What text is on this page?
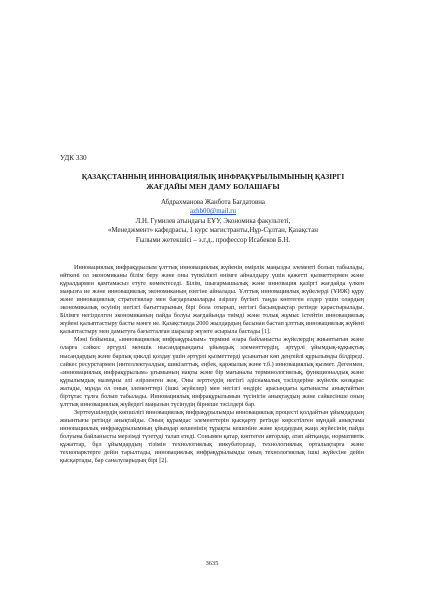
УДК 330
ҚАЗАҚСТАННЫҢ ИННОВАЦИЯЛЫҚ ИНФРАҚҰРЫЛЫМЫНЫҢ ҚАЗІРГІ
ЖАҒДАЙЫ МЕН ДАМУ БОЛАШАҒЫ
Абдрахманова Жанбота Бағдатовна
azhb00@mail.ru
Л.Н. Гумилев атындағы ЕҰУ, Экономика факультеті,
«Менеджмент» кафедрасы, 1 курс магистранты,Нұр-Сұлтан, Қазақстан
Ғылыми жетекшісі – э.г.д., профессор Исабеков Б.Н.

Инновациялық инфрақұрылым ұлттық инновациялық жүйенің өмірлік маңызды элементі болып табылады, өйткені ол экономиканы білім беру және оны түпкілікті өнімге айналдыру үшін қажетті қызметтермен және құралдармен қамтамасыз етуге көмектеседі. Білім, шығармашылық және инновация қазіргі жағдайда үлкен маңызға ие және инновациялық экономиканың өзегіне айналады. Ұлттық инновациялық жүйелерді (ҰИЖ) құру және инновациялық стратегиялар мен бағдарламаларды әзірлеу бүгінгі таңда көптеген елдер үшін олардың экономикалық өсуінің негізгі бағыттарының бірі бола отырып, негізгі басымдықтар ретінде қарастырылады. Білімге негізделген экономиканың пайда болуы жағдайында тиімді және толық жұмыс істейтін инновациялық жүйені қалыптастыру басты мәнге ие. Қазақстанда 2000 жылдардың басынан бастап ұлттық инновациялық жүйені қалыптастыру мен дамытуға бағытталған шаралар жүзеге асырыла бастады [1].

Мәні бойынша, «инновациялық инфрақұрылым» термині өзара байланысты жүйелердің жиынтығын және оларға сәйкес әртүрлі меншік нысандарындағы ұйымдық элементтердің, әртүрлі ұйымдық-құқықтық нысандардың және барлық циклді қолдау үшін әртүрлі қызметтерді ұсынатын көп деңгейлі құрылымды білдіреді. сәйкес ресурстармен (интеллектуалдық, шикізаттық, еңбек, қаржылық және т.б.) инновациялық қызмет. Дегенмен, «инновациялық инфрақұрылым» ұғымының нақты және бір мағыналы терминологиялық, функционалдық және құрылымдық мазмұны әлі әзірленген жоқ. Оны зерттеудің негізгі әдіснамалық тәсілдеріне жүйелік көзқарас жатады, мұнда ол оның элементтері (ішкі жүйелер) мен негізгі өндіріс арасындағы қатынасты анықтайтын біртұтас тұлға болып табылады. Инновациялық инфрақұрылымын түсінігін анықтаудың және сәйкесінше оның ұлттық инновациялық жүйедегі маңызын түсінудің бірнеше тәсілдері бар.

Зерттеушілердің көпшілігі инновациялық инфрақұрылымды инновациялық процесті қолдайтын ұйымдардың жиынтығы ретінде анықтайды. Оның құрамдас элементтерін қысқарту ретінде көрсетілген мұндай анықтама инновациялық инфрақұрылымның ұйымдар кешенінің тұрақты кешеніне және қолдаудың жаңа жүйесінің пайда болуына байланысты мерзімді түзетуді талап етеді. Сонымен қатар, көптеген авторлар, атап айтқанда, нормативтік құжаттар, бұл ұйымдардың тізімін технологиялық инкубаторлар, технологиялық орталықтарға және технопарктерге дейін тарылтады, инновациялық инфрақұрылымды оның технологиялық ішкі жүйесіне дейін қысқартады, бар саналуларыдың бірі [2].

3635
